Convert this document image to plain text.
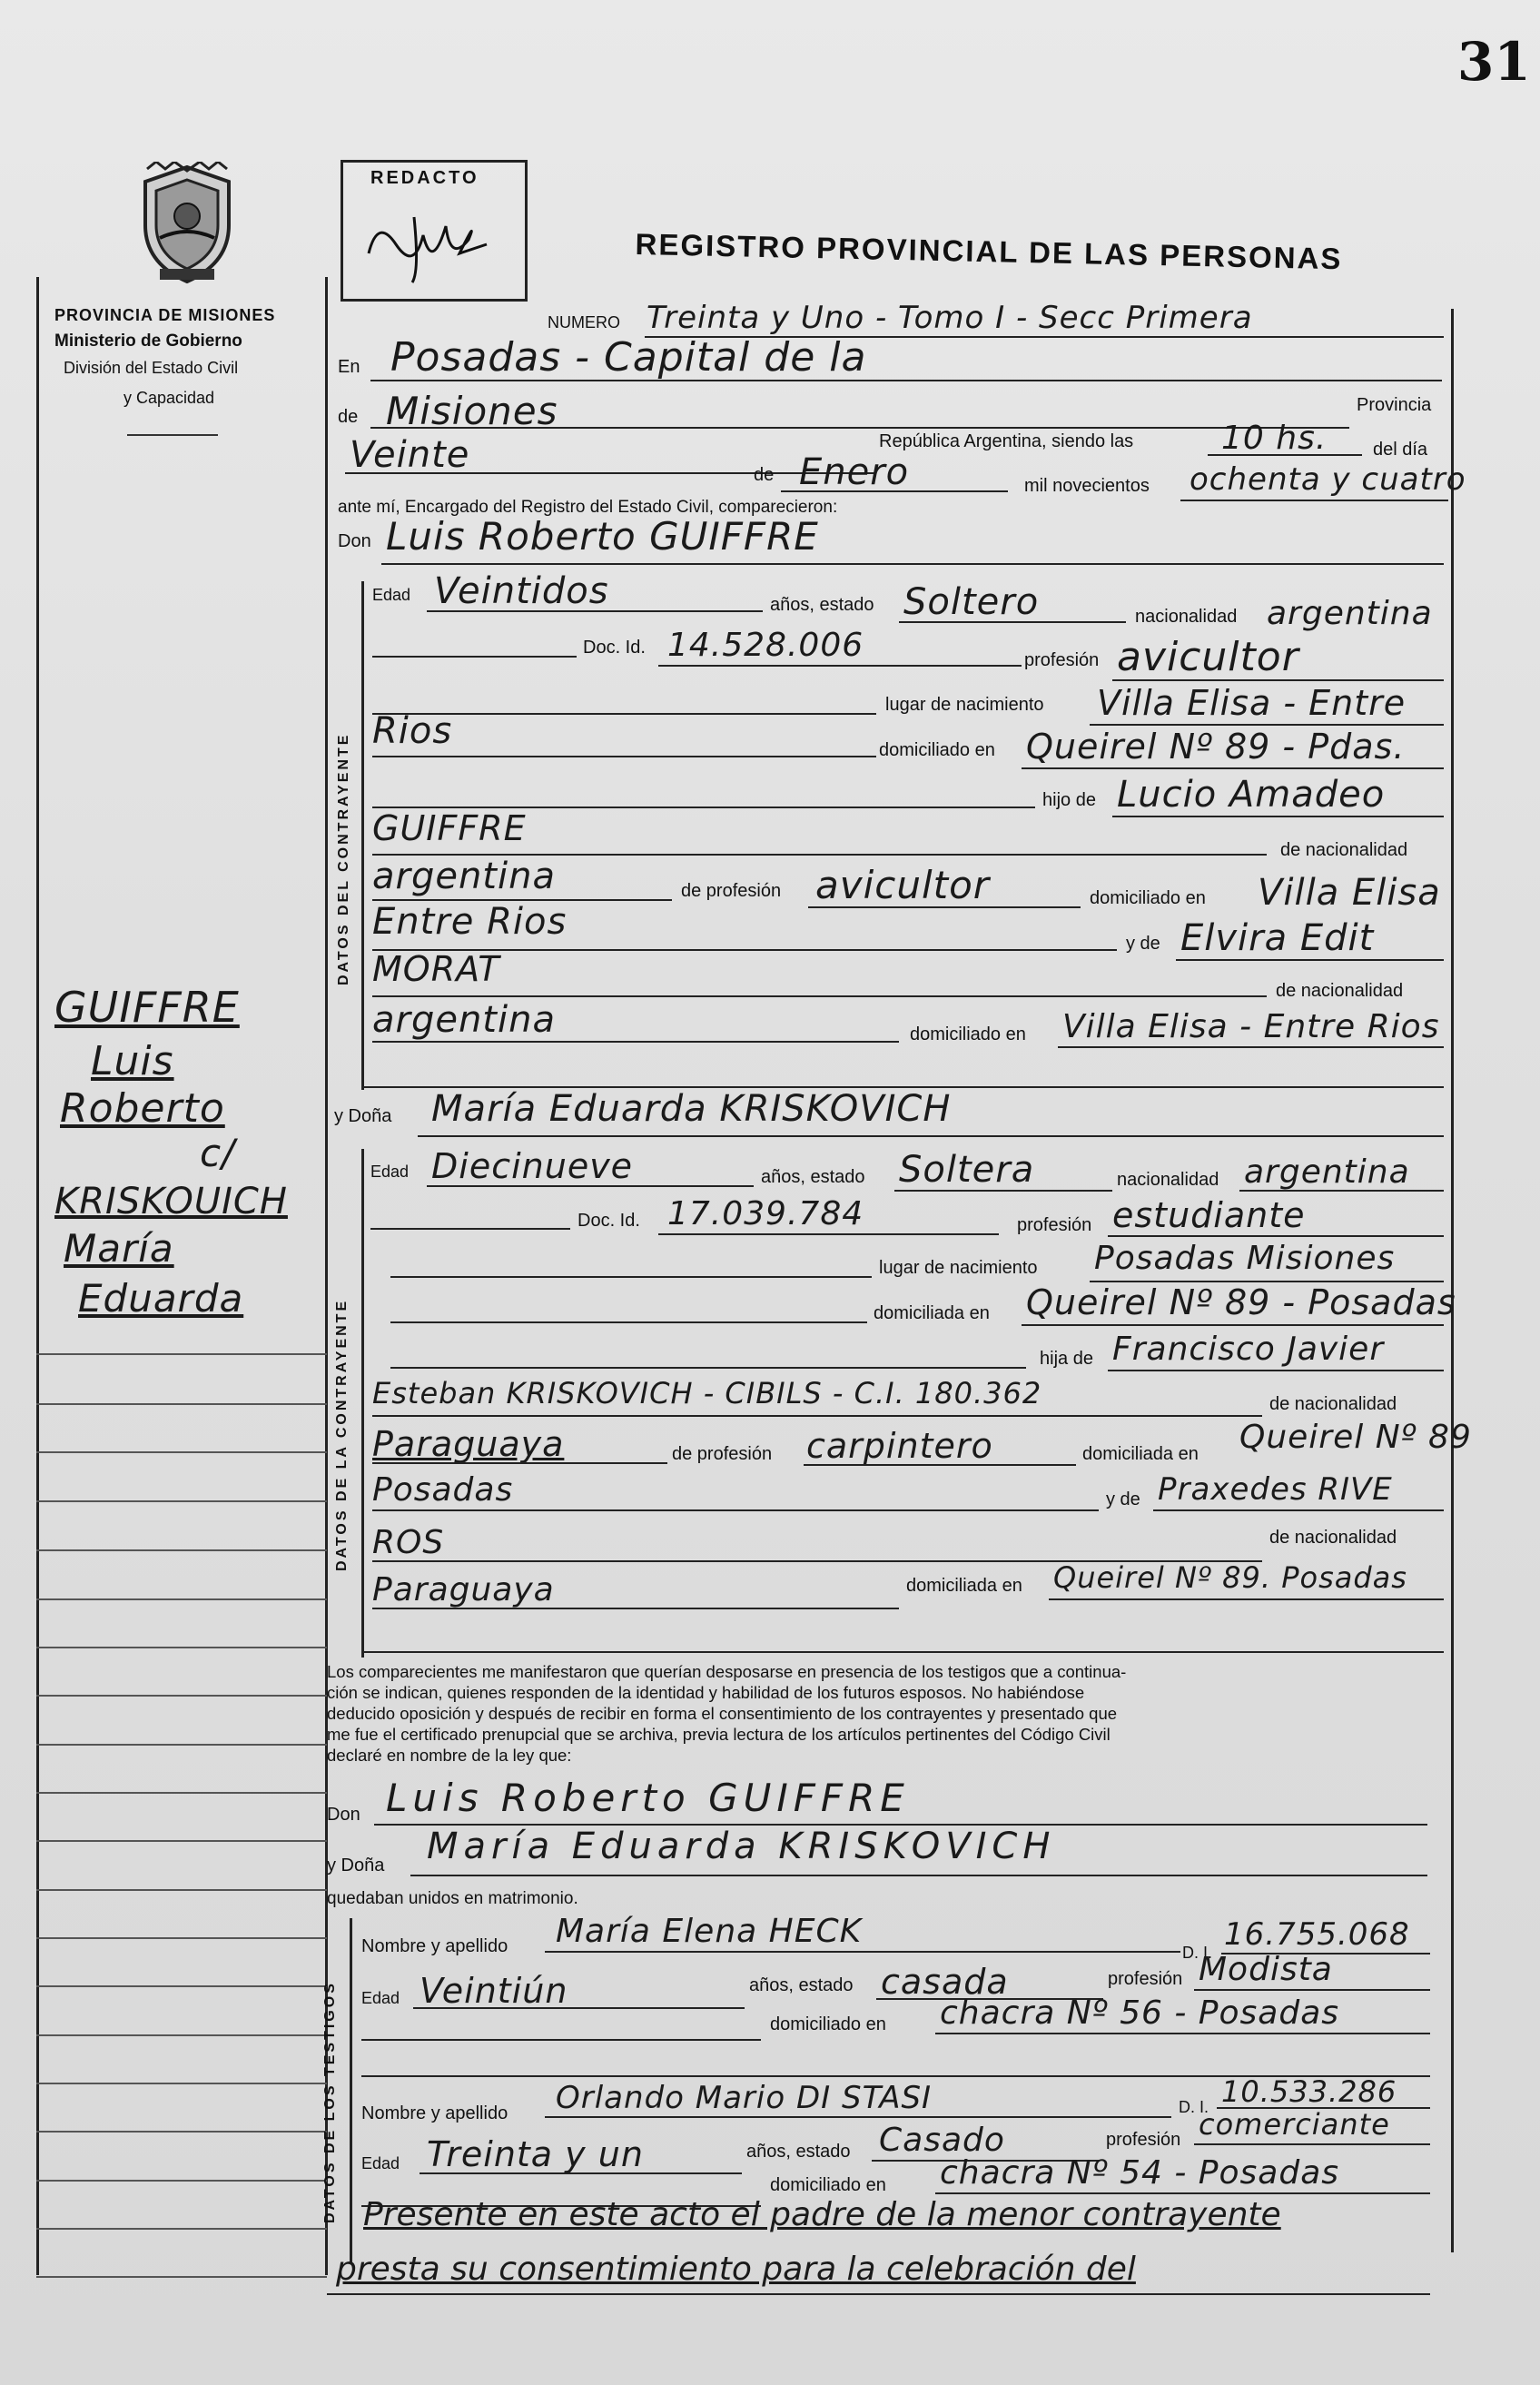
31
PROVINCIA DE MISIONES
Ministerio de Gobierno
División del Estado Civil
y Capacidad
REDACTO
REGISTRO PROVINCIAL DE LAS PERSONAS
GUIFFRE
Luis
Roberto
c/
KRISKOUICH
María
Eduarda
NUMERO Treinta y Uno - Tomo I - Secc Primera
En Posadas - Capital de la
de Misiones	Provincia
Veinte	República Argentina, siendo las	10 hs.	del día
de Enero	mil novecientos ochenta y cuatro
ante mí, Encargado del Registro del Estado Civil, comparecieron:
Don Luis Roberto GUIFFRE
DATOS DEL CONTRAYENTE
Edad Veintidos	años, estado Soltero	nacionalidad argentina
Doc. Id. 14.528.006	profesión avicultor
lugar de nacimiento Villa Elisa - Entre
Rios	domiciliado en Queirel Nº 89 - Pdas.
hijo de Lucio Amadeo
GUIFFRE
de nacionalidad
argentina	de profesión avicultor	domiciliado en Villa Elisa
Entre Rios
y de Elvira Edit
MORAT
de nacionalidad
argentina	domiciliado en Villa Elisa - Entre Rios
y Doña María Eduarda KRISKOVICH
DATOS DE LA CONTRAYENTE
Edad Diecinueve	años, estado Soltera	nacionalidad argentina
Doc. Id. 17.039.784	profesión estudiante
lugar de nacimiento Posadas Misiones
domiciliada en Queirel Nº 89 - Posadas
hija de Francisco Javier
Esteban KRISKOVICH - CIBILS - C.I. 180.362	de nacionalidad
Paraguaya	de profesión carpintero	domiciliada en Queirel Nº 89
Posadas	y de Praxedes RIVE
ROS	de nacionalidad
Paraguaya	domiciliada en Queirel Nº 89. Posadas
Los comparecientes me manifestaron que querían desposarse en presencia de los testigos que a continua-
ción se indican, quienes responden de la identidad y habilidad de los futuros esposos. No habiéndose
deducido oposición y después de recibir en forma el consentimiento de los contrayentes y presentado que
me fue el certificado prenupcial que se archiva, previa lectura de los artículos pertinentes del Código Civil
declaré en nombre de la ley que:
Don Luis Roberto GUIFFRE
y Doña María Eduarda KRISKOVICH
quedaban unidos en matrimonio.
DATOS DE LOS TESTIGOS
Nombre y apellido María Elena HECK
D. I. 16.755.068
Edad Veintiún	años, estado casada	profesión Modista
domiciliado en chacra Nº 56 - Posadas
Nombre y apellido Orlando Mario DI STASI	D. I. 10.533.286
Edad Treinta y un	años, estado Casado	profesión comerciante
domiciliado en chacra Nº 54 - Posadas
Presente en este acto el padre de la menor contrayente
presta su consentimiento para la celebración del
